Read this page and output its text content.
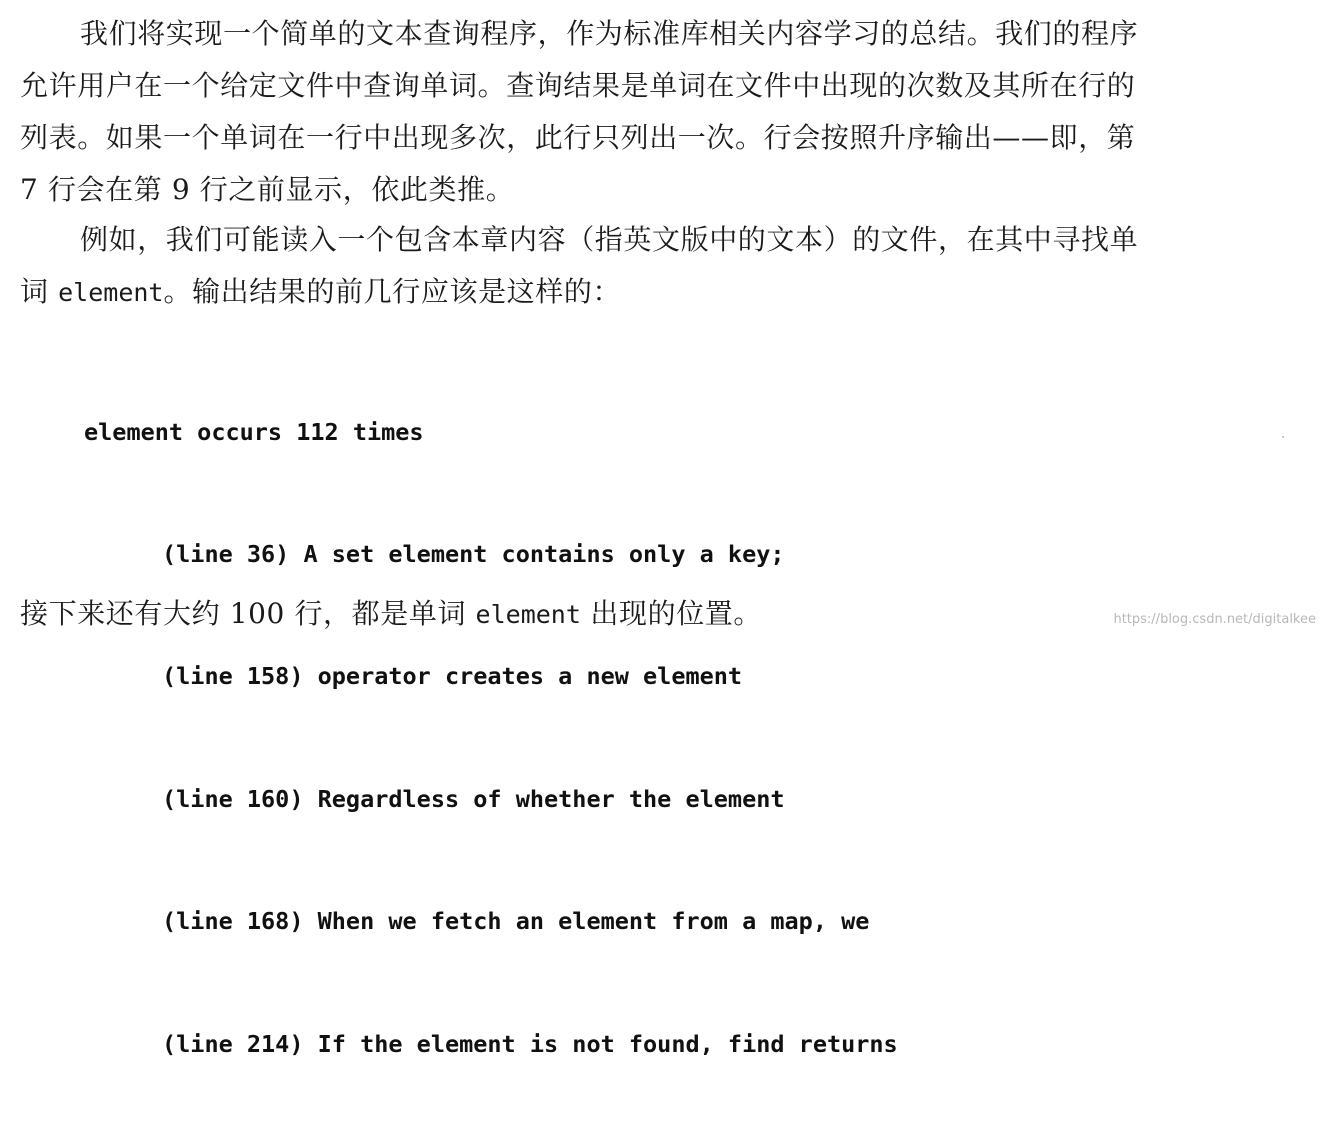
我们将实现一个简单的文本查询程序，作为标准库相关内容学习的总结。我们的程序
允许用户在一个给定文件中查询单词。查询结果是单词在文件中出现的次数及其所在行的
列表。如果一个单词在一行中出现多次，此行只列出一次。行会按照升序输出——即，第
7 行会在第 9 行之前显示，依此类推。
例如，我们可能读入一个包含本章内容（指英文版中的文本）的文件，在其中寻找单
词 element。输出结果的前几行应该是这样的：

element occurs 112 times

(line 36) A set element contains only a key;

(line 158) operator creates a new element

(line 160) Regardless of whether the element

(line 168) When we fetch an element from a map, we

(line 214) If the element is not found, find returns

接下来还有大约 100 行，都是单词 element 出现的位置。	https://blog.csdn.net/digitalkee
